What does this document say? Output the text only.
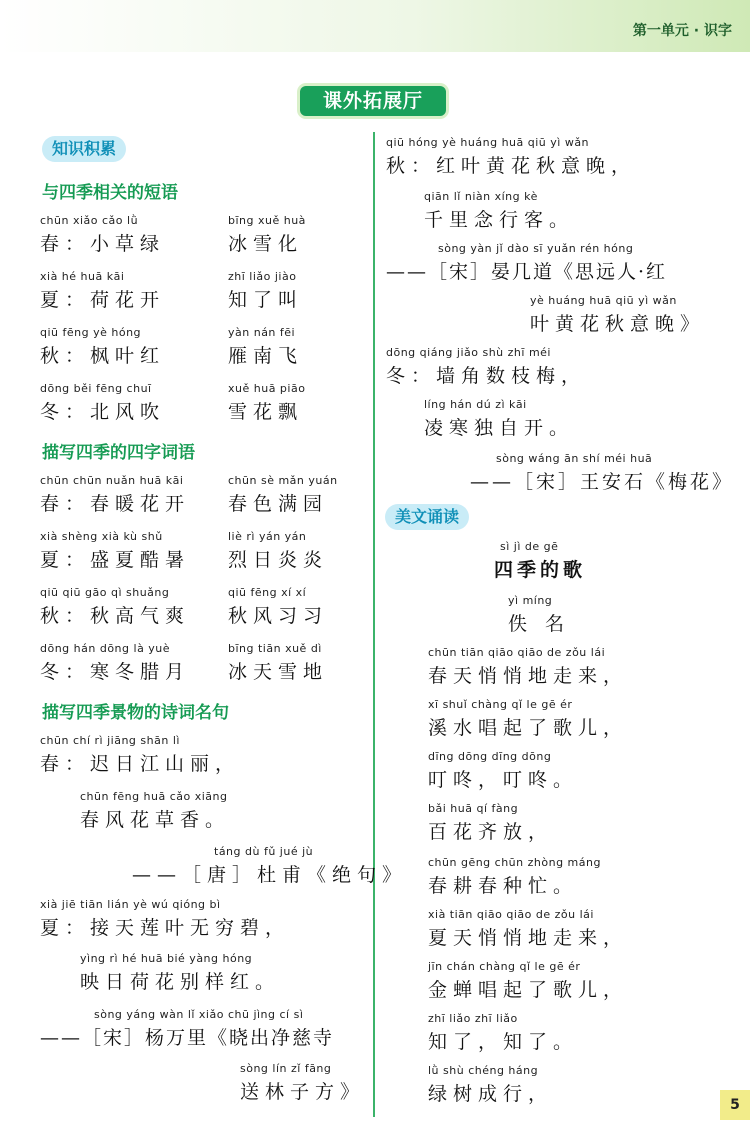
第一单元 · 识字
课外拓展厅
知识积累
与四季相关的短语
chūn xiǎo cǎo lǜ
春：小草绿
bīng xuě huà
冰雪化
xià hé huā kāi
夏：荷花开
zhī liǎo jiào
知了叫
qiū fēng yè hóng
秋：枫叶红
yàn nán fēi
雁南飞
dōng běi fēng chuī
冬：北风吹
xuě huā piāo
雪花飘
描写四季的四字词语
chūn chūn nuǎn huā kāi
春：春暖花开
chūn sè mǎn yuán
春色满园
xià shèng xià kù shǔ
夏：盛夏酷暑
liè rì yán yán
烈日炎炎
qiū qiū gāo qì shuǎng
秋：秋高气爽
qiū fēng xí xí
秋风习习
dōng hán dōng là yuè
冬：寒冬腊月
bīng tiān xuě dì
冰天雪地
描写四季景物的诗词名句
chūn chí rì jiāng shān lì
春：迟日江山丽，
chūn fēng huā cǎo xiāng
春风花草香。
táng dù fǔ jué jù
——［唐］杜甫《绝句》
xià jiē tiān lián yè wú qióng bì
夏：接天莲叶无穷碧，
yìng rì hé huā bié yàng hóng
映日荷花别样红。
sòng yáng wàn lǐ xiǎo chū jìng cí sì
——［宋］杨万里《晓出净慈寺
sòng lín zǐ fāng
送林子方》
qiū hóng yè huáng huā qiū yì wǎn
秋：红叶黄花秋意晚，
qiān lǐ niàn xíng kè
千里念行客。
sòng yàn jǐ dào sī yuǎn rén hóng
——［宋］晏几道《思远人·红
yè huáng huā qiū yì wǎn
叶黄花秋意晚》
dōng qiáng jiǎo shù zhī méi
冬：墙角数枝梅，
líng hán dú zì kāi
凌寒独自开。
sòng wáng ān shí méi huā
——［宋］王安石《梅花》
美文诵读
sì jì de gē
四季的歌
yì míng
佚 名
chūn tiān qiāo qiāo de zǒu lái
春天悄悄地走来，
xī shuǐ chàng qǐ le gē ér
溪水唱起了歌儿，
dīng dōng dīng dōng
叮咚，叮咚。
bǎi huā qí fàng
百花齐放，
chūn gēng chūn zhòng máng
春耕春种忙。
xià tiān qiāo qiāo de zǒu lái
夏天悄悄地走来，
jīn chán chàng qǐ le gē ér
金蝉唱起了歌儿，
zhī liǎo zhī liǎo
知了，知了。
lǜ shù chéng háng
绿树成行，	5
